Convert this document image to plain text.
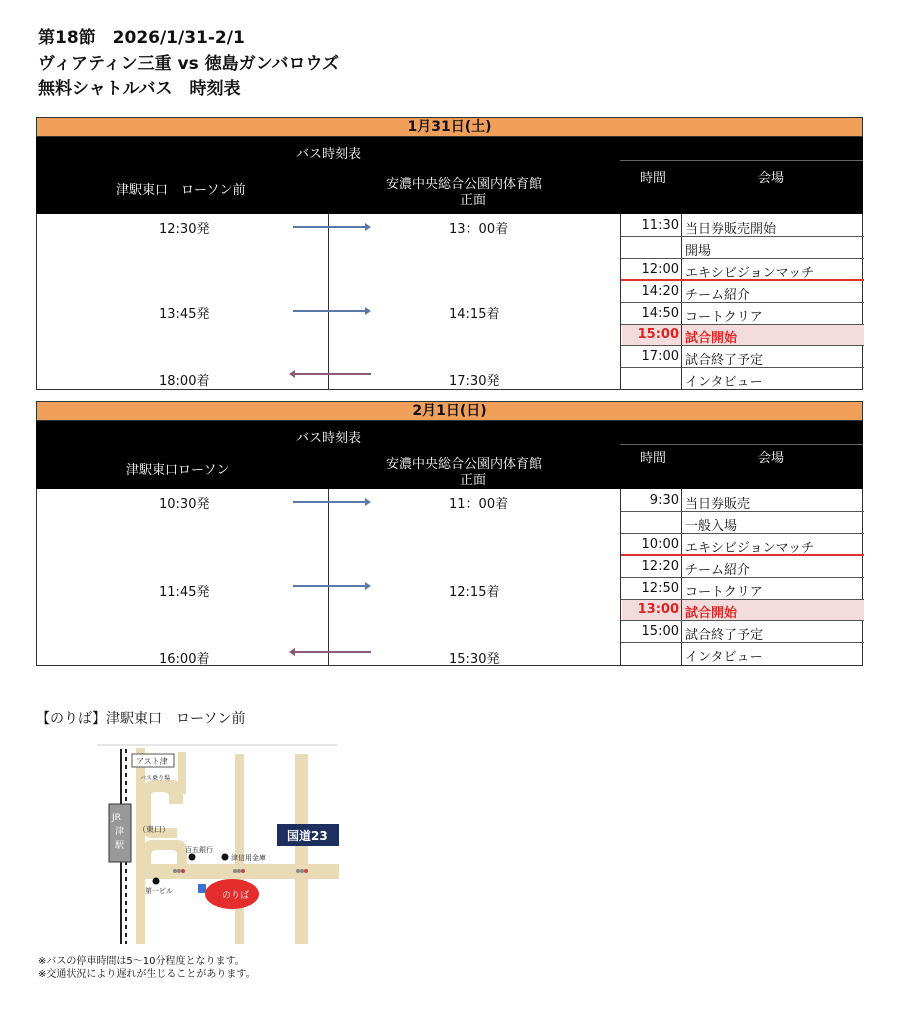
第18節　2026/1/31-2/1
ヴィアティン三重 vs 徳島ガンバロウズ
無料シャトルバス　時刻表
1月31日(土)
バス時刻表
津駅東口　ローソン前	安濃中央総合公園内体育館
正面
時間	会場
12:30発	13：00着
13:45発	14:15着
18:00着	17:30発
11:30 当日券販売開始
開場
12:00 エキシビジョンマッチ
14:20 チーム紹介
14:50 コートクリア
15:00 試合開始
17:00 試合終了予定
インタビュー
2月1日(日)
バス時刻表
津駅東口ローソン	安濃中央総合公園内体育館
正面
時間	会場
10:30発	11：00着
11:45発	12:15着
16:00着	15:30発
9:30 当日券販売
一般入場
10:00 エキシビジョンマッチ
12:20 チーム紹介
12:50 コートクリア
13:00 試合開始
15:00 試合終了予定
インタビュー
【のりば】津駅東口　ローソン前
アスト津
バス乗り場
JR
津
駅
（東口）
百五銀行
津信用金庫
第一ビル
国道23
のりば
※バスの停車時間は5～10分程度となります。
※交通状況により遅れが生じることがあります。
